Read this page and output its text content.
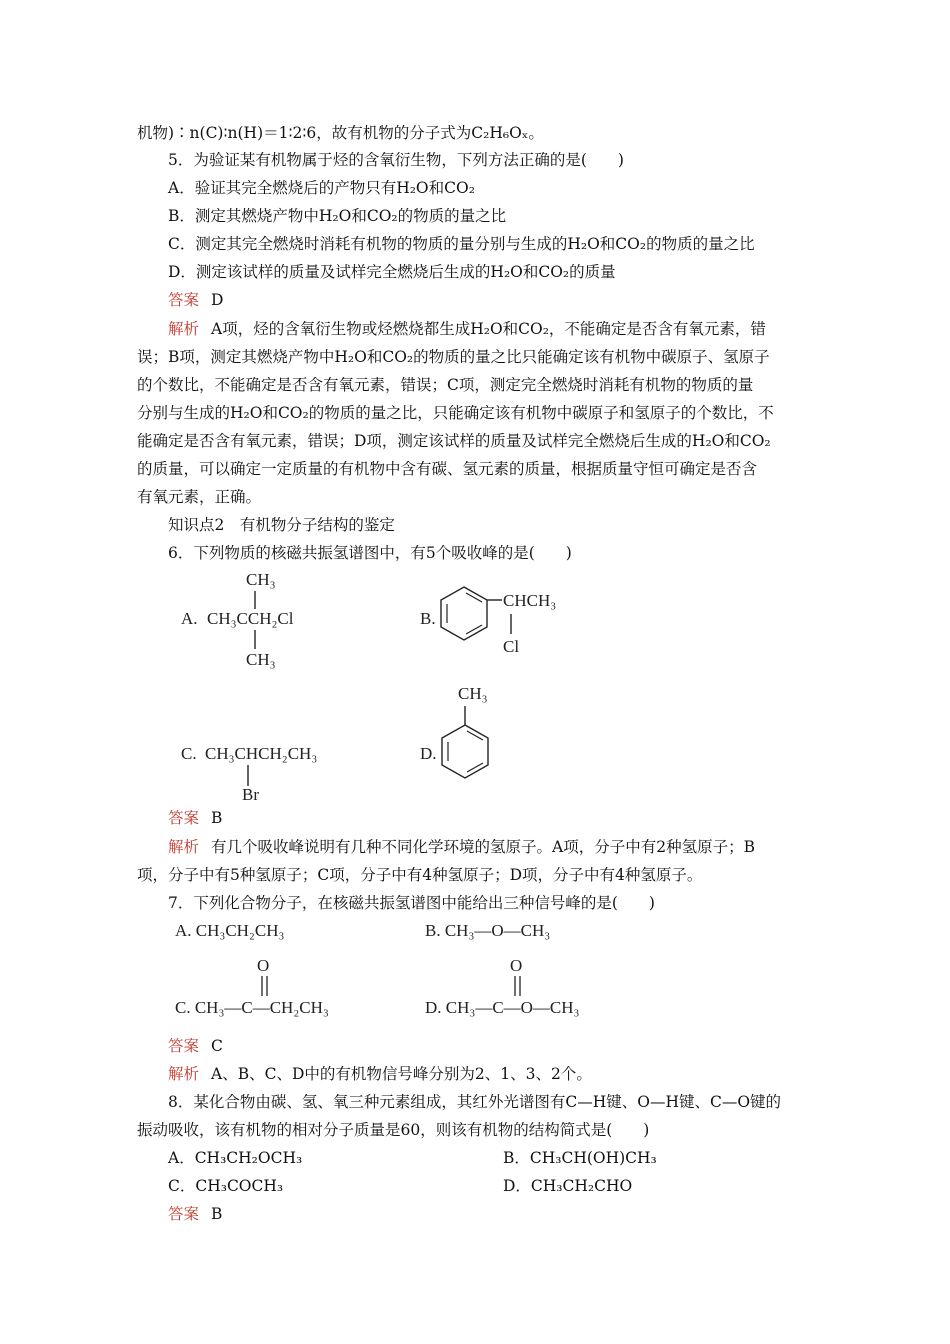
机物)∶n(C)∶n(H)＝1∶2∶6，故有机物的分子式为C₂H₆Oₓ。
5．为验证某有机物属于烃的含氧衍生物，下列方法正确的是(　　)
A．验证其完全燃烧后的产物只有H₂O和CO₂
B．测定其燃烧产物中H₂O和CO₂的物质的量之比
C．测定其完全燃烧时消耗有机物的物质的量分别与生成的H₂O和CO₂的物质的量之比
D．测定该试样的质量及试样完全燃烧后生成的H₂O和CO₂的质量
答案 D
解析 A项，烃的含氧衍生物或烃燃烧都生成H₂O和CO₂，不能确定是否含有氧元素，错
误；B项，测定其燃烧产物中H₂O和CO₂的物质的量之比只能确定该有机物中碳原子、氢原子
的个数比，不能确定是否含有氧元素，错误；C项，测定完全燃烧时消耗有机物的物质的量
分别与生成的H₂O和CO₂的物质的量之比，只能确定该有机物中碳原子和氢原子的个数比，不
能确定是否含有氧元素，错误；D项，测定该试样的质量及试样完全燃烧后生成的H₂O和CO₂
的质量，可以确定一定质量的有机物中含有碳、氢元素的质量，根据质量守恒可确定是否含
有氧元素，正确。
知识点2　有机物分子结构的鉴定
6．下列物质的核磁共振氢谱图中，有5个吸收峰的是(　　)
CH₃
A. CH₃CCH₂Cl
CH₃
B.
CHCH₃
Cl
C. CH₃CHCH₂CH₃
Br
D.
CH₃
答案 B
解析 有几个吸收峰说明有几种不同化学环境的氢原子。A项，分子中有2种氢原子；B
项，分子中有5种氢原子；C项，分子中有4种氢原子；D项，分子中有4种氢原子。
7．下列化合物分子，在核磁共振氢谱图中能给出三种信号峰的是(　　)
A. CH₃CH₂CH₃	B. CH₃—O—CH₃
O	O
C. CH₃—C—CH₂CH₃	D. CH₃—C—O—CH₃
答案 C
解析 A、B、C、D中的有机物信号峰分别为2、1、3、2个。
8．某化合物由碳、氢、氧三种元素组成，其红外光谱图有C—H键、O—H键、C—O键的
振动吸收，该有机物的相对分子质量是60，则该有机物的结构简式是(　　)
A．CH₃CH₂OCH₃	B．CH₃CH(OH)CH₃
C．CH₃COCH₃	D．CH₃CH₂CHO
答案 B
